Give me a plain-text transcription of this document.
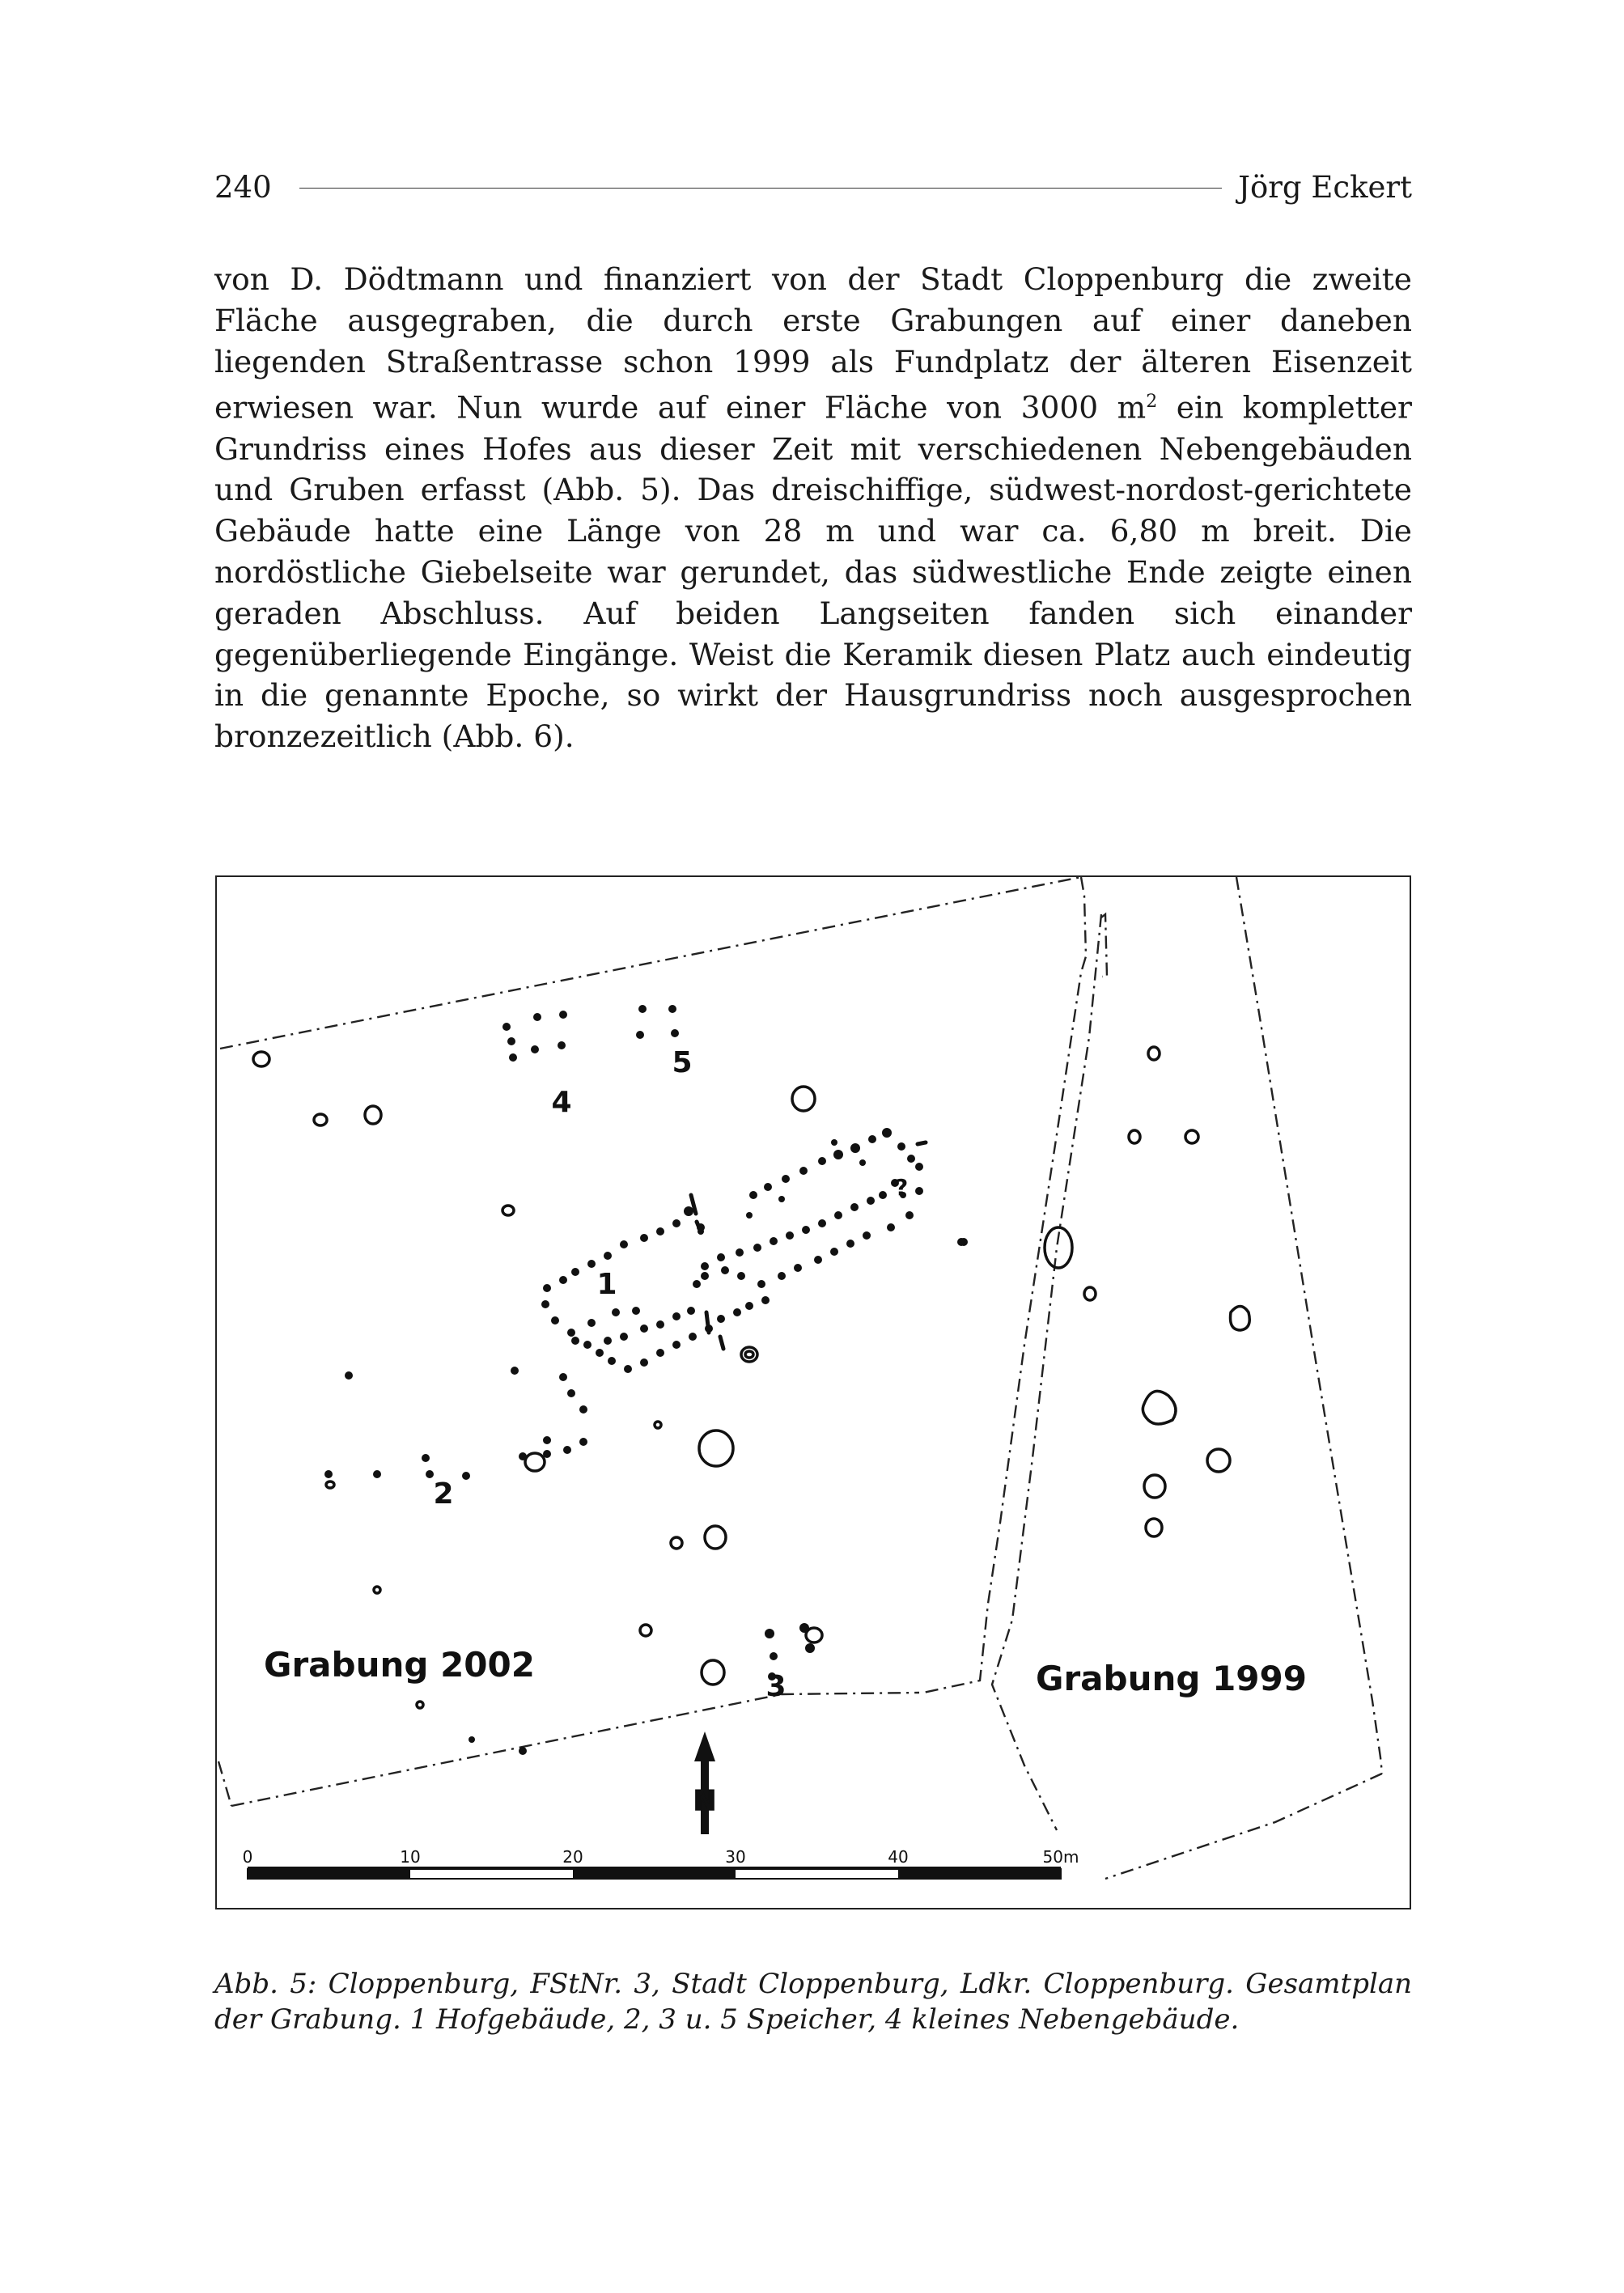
240	Jörg Eckert

von D. Dödtmann und finanziert von der Stadt Cloppenburg die zweite Fläche ausgegraben, die durch erste Grabungen auf einer daneben liegenden Straßentrasse schon 1999 als Fundplatz der älteren Eisenzeit erwiesen war. Nun wurde auf einer Fläche von 3000 $m^2$ ein kompletter Grundriss eines Hofes aus dieser Zeit mit verschiedenen Nebengebäuden und Gruben erfasst (Abb. 5). Das dreischiffige, südwest-nordost-gerichtete Gebäude hatte eine Länge von 28 m und war ca. 6,80 m breit. Die nordöstliche Giebelseite war gerundet, das südwestliche Ende zeigte einen geraden Abschluss. Auf beiden Langseiten fanden sich einander gegenüberliegende Eingänge. Weist die Keramik diesen Platz auch eindeutig in die genannte Epoche, so wirkt der Hausgrundriss noch ausgesprochen bronzezeitlich (Abb. 6).

4
5
1
2
3
?
Grabung 2002	Grabung 1999
N
0	10	20	30	40	50m
Abb. 5: Cloppenburg, FStNr. 3, Stadt Cloppenburg, Ldkr. Cloppenburg. Gesamtplan der Grabung. 1 Hofgebäude, 2, 3 u. 5 Speicher, 4 kleines Nebengebäude.
